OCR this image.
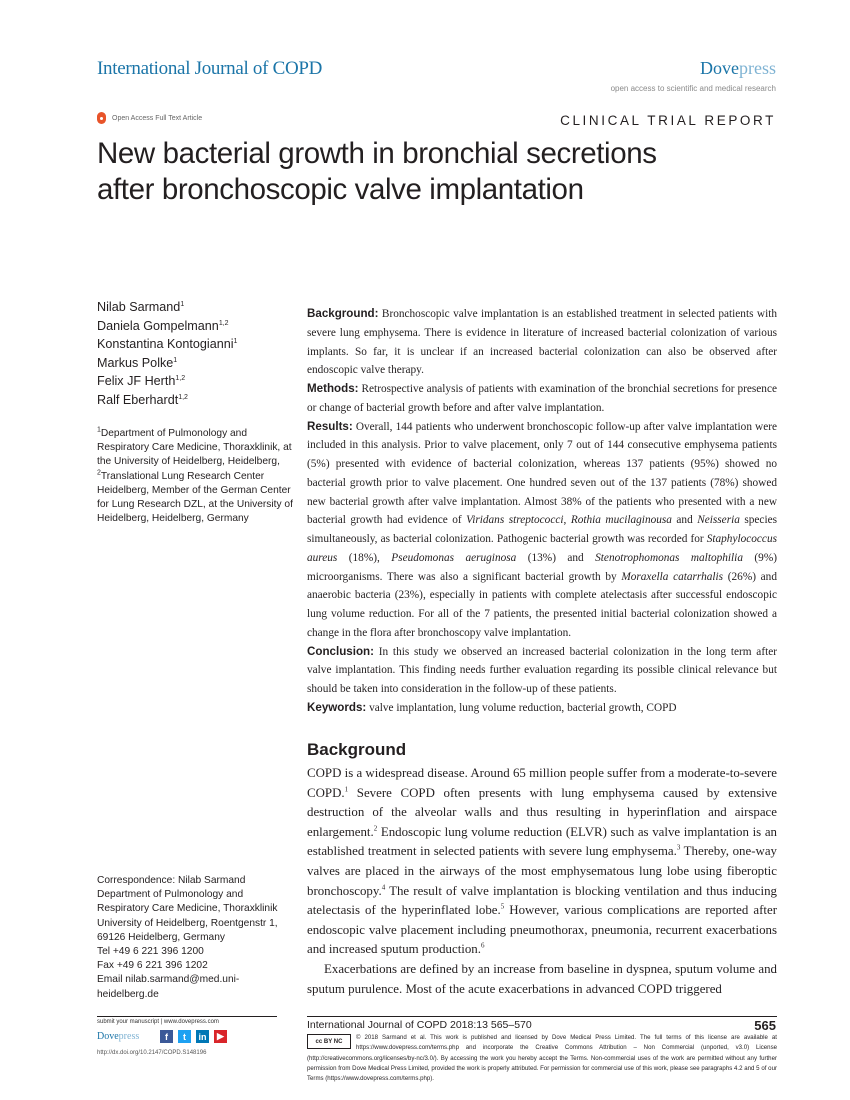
International Journal of COPD	Dovepress
open access to scientific and medical research
Open Access Full Text Article	CLINICAL TRIAL REPORT
New bacterial growth in bronchial secretions
after bronchoscopic valve implantation
Nilab Sarmand$^1$
Daniela Gompelmann$^{1,2}$
Konstantina Kontogianni$^1$
Markus Polke$^1$
Felix JF Herth$^{1,2}$
Ralf Eberhardt$^{1,2}$
$^1$Department of Pulmonology and Respiratory Care Medicine, Thoraxklinik, at the University of Heidelberg, Heidelberg, $^2$Translational Lung Research Center Heidelberg, Member of the German Center for Lung Research DZL, at the University of Heidelberg, Heidelberg, Germany
Correspondence: Nilab Sarmand
Department of Pulmonology and Respiratory Care Medicine, Thoraxklinik
University of Heidelberg, Roentgenstr 1, 69126 Heidelberg, Germany
Tel +49 6 221 396 1200
Fax +49 6 221 396 1202
Email nilab.sarmand@med.uni-heidelberg.de

Background: Bronchoscopic valve implantation is an established treatment in selected patients with severe lung emphysema. There is evidence in literature of increased bacterial colonization of various implants. So far, it is unclear if an increased bacterial colonization can also be observed after endoscopic valve therapy.

Methods: Retrospective analysis of patients with examination of the bronchial secretions for presence or change of bacterial growth before and after valve implantation.

Results: Overall, 144 patients who underwent bronchoscopic follow-up after valve implantation were included in this analysis. Prior to valve placement, only 7 out of 144 consecutive emphysema patients (5%) presented with evidence of bacterial colonization, whereas 137 patients (95%) showed no bacterial growth prior to valve placement. One hundred seven out of the 137 patients (78%) showed new bacterial growth after valve implantation. Almost 38% of the patients who presented with a new bacterial growth had evidence of Viridans streptococci, Rothia mucilaginousa and Neisseria species simultaneously, as bacterial colonization. Pathogenic bacterial growth was recorded for Staphylococcus aureus (18%), Pseudomonas aeruginosa (13%) and Stenotrophomonas maltophilia (9%) microorganisms. There was also a significant bacterial growth by Moraxella catarrhalis (26%) and anaerobic bacteria (23%), especially in patients with complete atelectasis after successful endoscopic lung volume reduction. For all of the 7 patients, the presented initial bacterial colonization showed a change in the flora after bronchoscopy valve implantation.

Conclusion: In this study we observed an increased bacterial colonization in the long term after valve implantation. This finding needs further evaluation regarding its possible clinical relevance but should be taken into consideration in the follow-up of these patients.

Keywords: valve implantation, lung volume reduction, bacterial growth, COPD

Background

COPD is a widespread disease. Around 65 million people suffer from a moderate-to-severe COPD.$^1$ Severe COPD often presents with lung emphysema caused by extensive destruction of the alveolar walls and thus resulting in hyperinflation and airspace enlargement.$^2$ Endoscopic lung volume reduction (ELVR) such as valve implantation is an established treatment in selected patients with severe lung emphysema.$^3$ Thereby, one-way valves are placed in the airways of the most emphysematous lung lobe using fiberoptic bronchoscopy.$^4$ The result of valve implantation is blocking ventilation and thus inducing atelectasis of the hyperinflated lobe.$^5$ However, various complications are reported after endoscopic valve placement including pneumothorax, pneumonia, recurrent exacerbations and increased sputum production.$^6$

Exacerbations are defined by an increase from baseline in dyspnea, sputum volume and sputum purulence. Most of the acute exacerbations in advanced COPD triggered

submit your manuscript | www.dovepress.com
Dovepress	f	t	in	▶
http://dx.doi.org/10.2147/COPD.S148196
International Journal of COPD 2018:13 565–570	565
cc BY NC
© 2018 Sarmand et al. This work is published and licensed by Dove Medical Press Limited. The full terms of this license are available at https://www.dovepress.com/terms.php and incorporate the Creative Commons Attribution – Non Commercial (unported, v3.0) License (http://creativecommons.org/licenses/by-nc/3.0/). By accessing the work you hereby accept the Terms. Non-commercial uses of the work are permitted without any further permission from Dove Medical Press Limited, provided the work is properly attributed. For permission for commercial use of this work, please see paragraphs 4.2 and 5 of our Terms (https://www.dovepress.com/terms.php).
